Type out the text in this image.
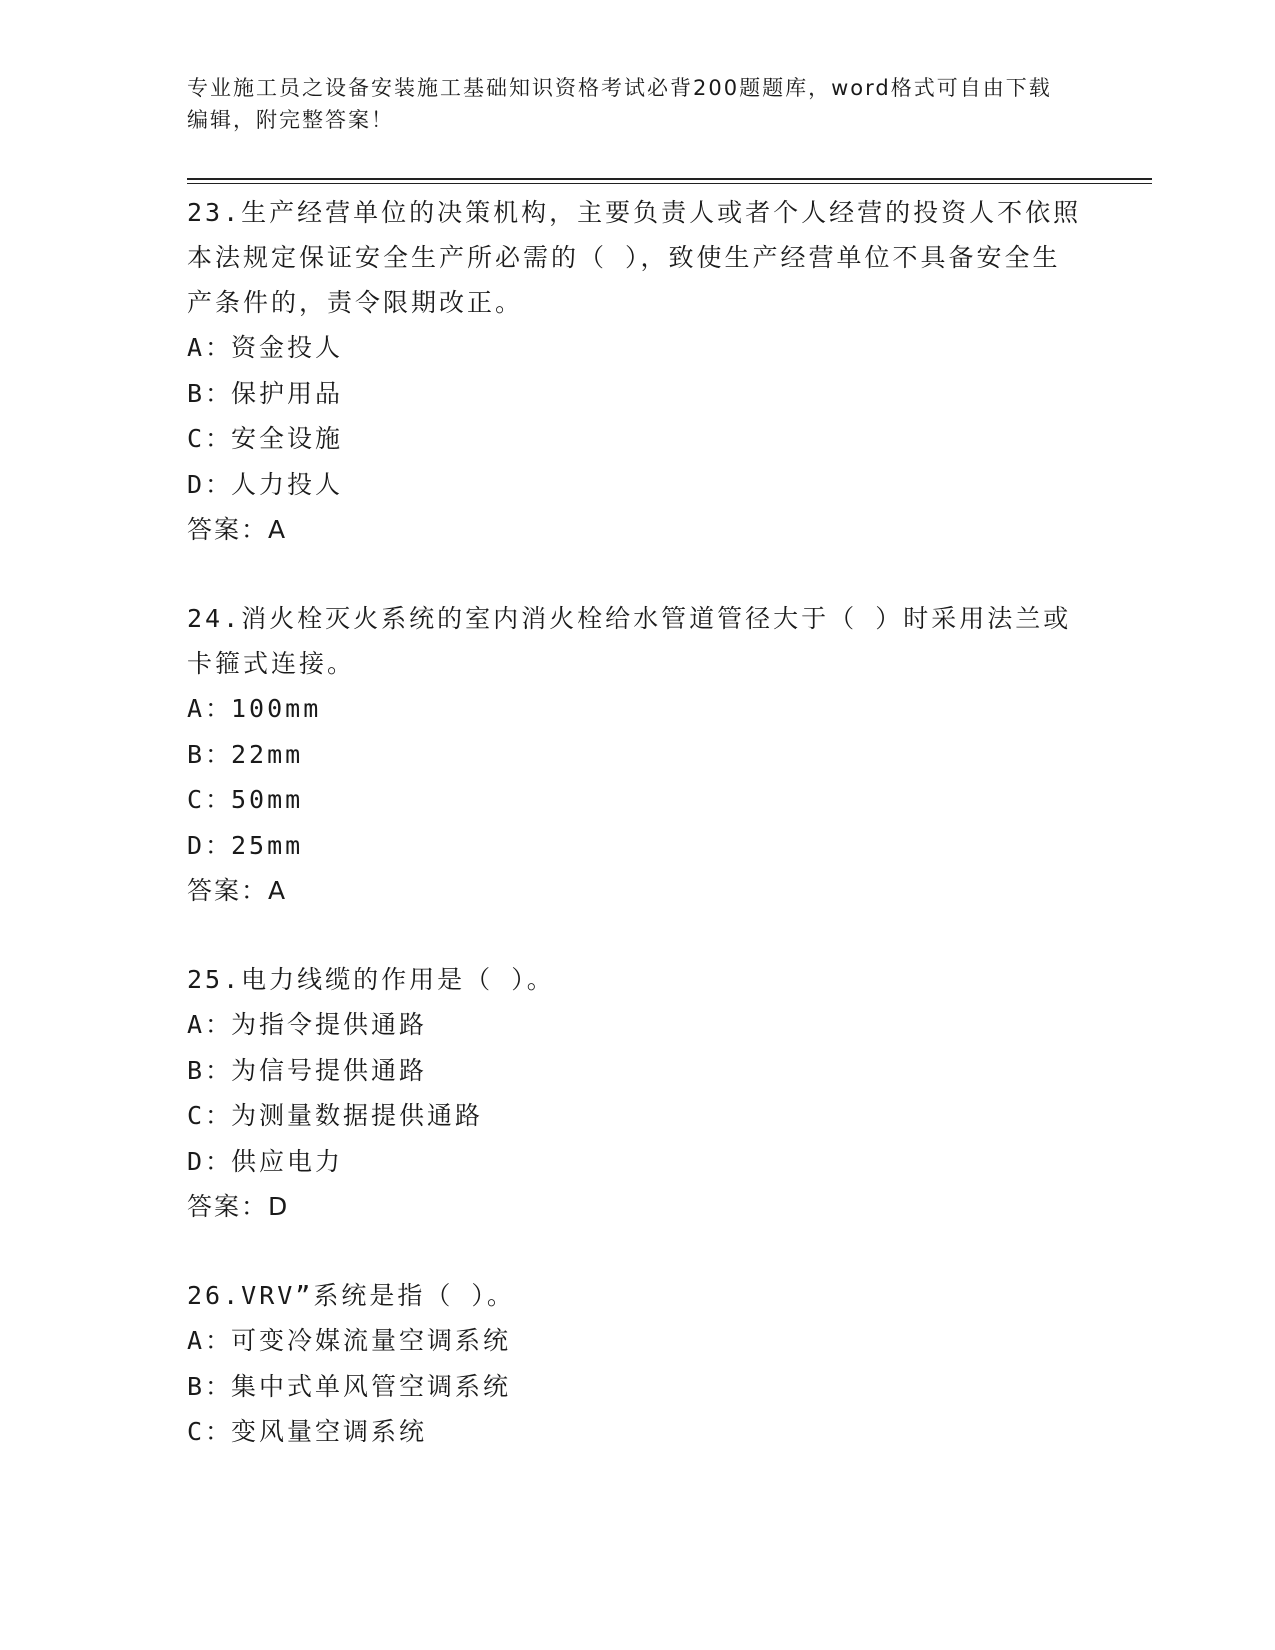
专业施工员之设备安装施工基础知识资格考试必背200题题库，word格式可自由下载编辑，附完整答案！

23.生产经营单位的决策机构，主要负责人或者个人经营的投资人不依照本法规定保证安全生产所必需的（ ），致使生产经营单位不具备安全生产条件的，责令限期改正。

A：资金投人
B：保护用品
C：安全设施
D：人力投人
答案：A

24.消火栓灭火系统的室内消火栓给水管道管径大于（ ）时采用法兰或卡箍式连接。

A：100mm
B：22mm
C：50mm
D：25mm
答案：A

25.电力线缆的作用是（ ）。

A：为指令提供通路
B：为信号提供通路
C：为测量数据提供通路
D：供应电力
答案：D

26.VRV”系统是指（ ）。

A：可变冷媒流量空调系统
B：集中式单风管空调系统
C：变风量空调系统
